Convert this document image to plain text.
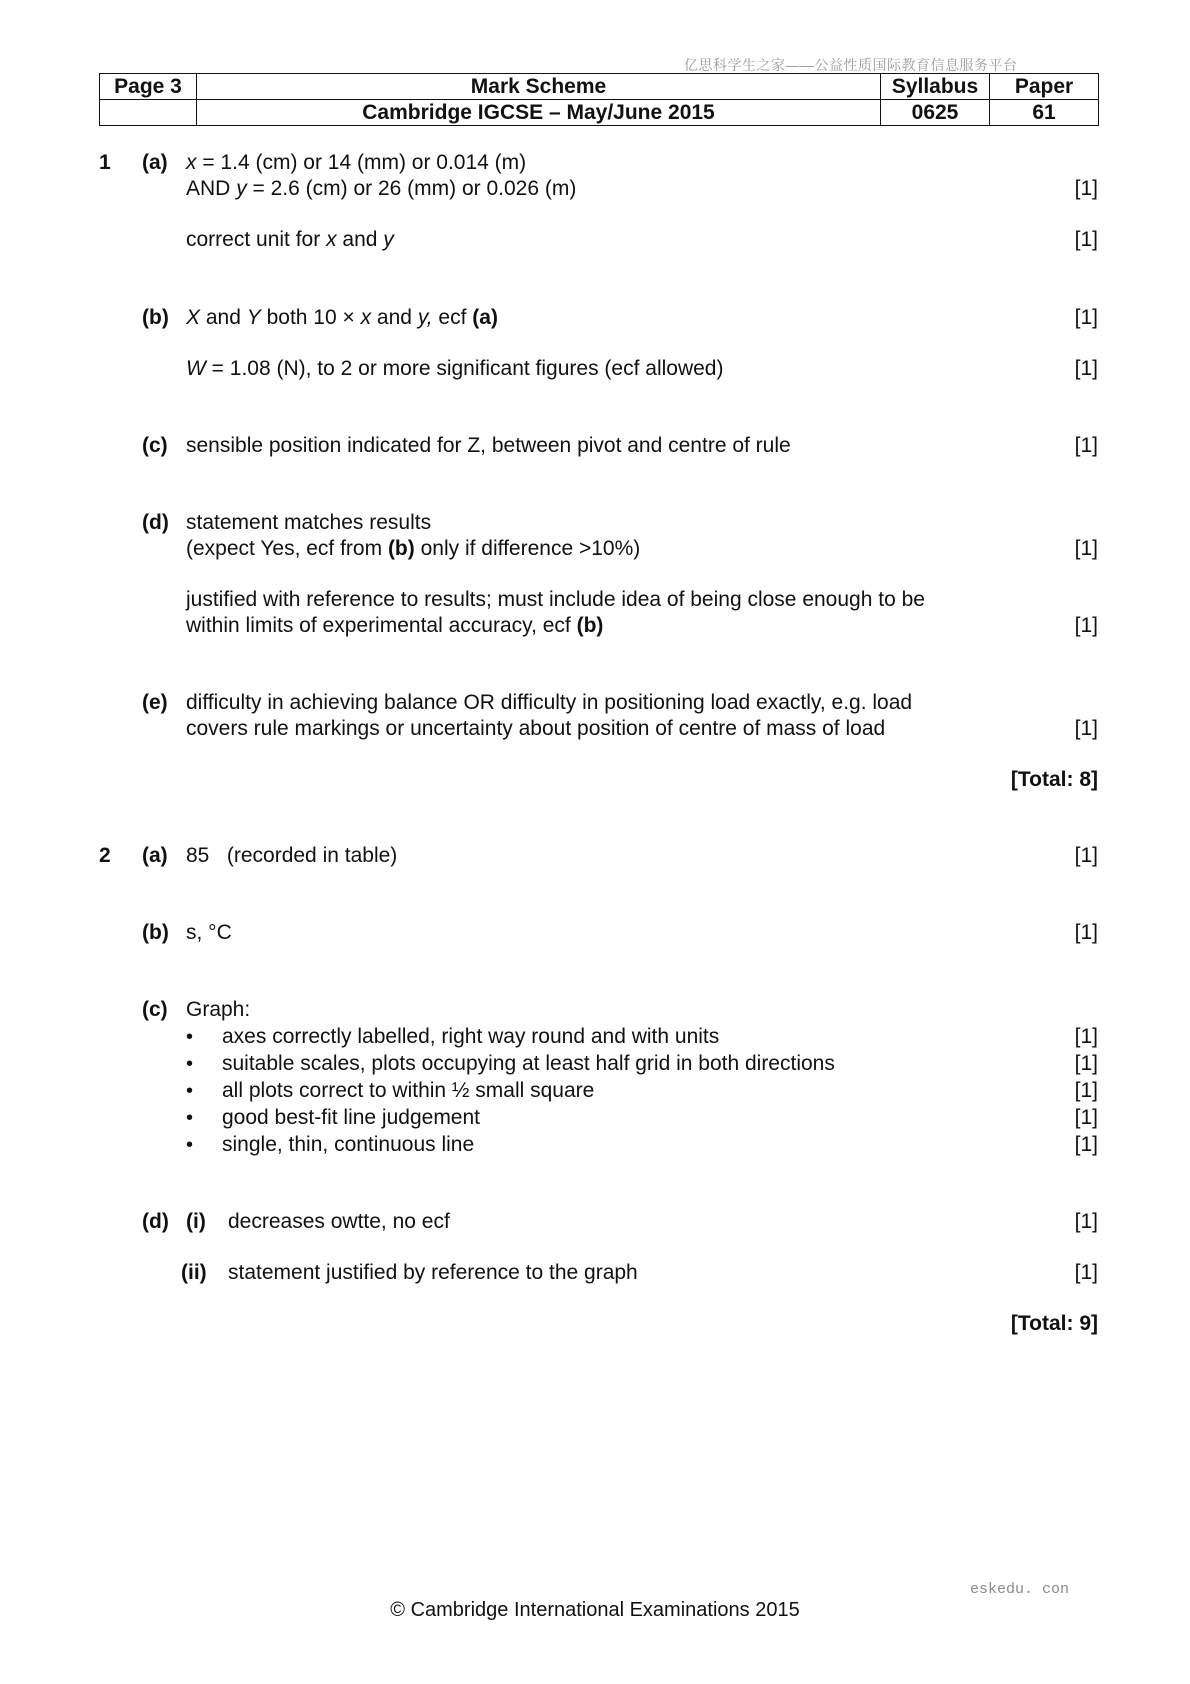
亿思科学生之家——公益性质国际教育信息服务平台
Page 3	Mark Scheme	Syllabus	Paper
	Cambridge IGCSE – May/June 2015	0625	61
1 (a) x = 1.4 (cm) or 14 (mm) or 0.014 (m)
AND y = 2.6 (cm) or 26 (mm) or 0.026 (m)	[1]
correct unit for x and y	[1]
(b) X and Y both 10 × x and y, ecf (a)	[1]
W = 1.08 (N), to 2 or more significant figures (ecf allowed)	[1]
(c) sensible position indicated for Z, between pivot and centre of rule	[1]
(d) statement matches results
(expect Yes, ecf from (b) only if difference >10%)	[1]
justified with reference to results; must include idea of being close enough to be
within limits of experimental accuracy, ecf (b)	[1]
(e) difficulty in achieving balance OR difficulty in positioning load exactly, e.g. load
covers rule markings or uncertainty about position of centre of mass of load	[1]
[Total: 8]
2 (a) 85   (recorded in table)	[1]
(b) s, °C	[1]
(c) Graph:
• axes correctly labelled, right way round and with units	[1]
• suitable scales, plots occupying at least half grid in both directions	[1]
• all plots correct to within ½ small square	[1]
• good best-fit line judgement	[1]
• single, thin, continuous line	[1]
(d) (i) decreases owtte, no ecf	[1]
(ii) statement justified by reference to the graph	[1]
[Total: 9]
eskedu. con
© Cambridge International Examinations 2015
